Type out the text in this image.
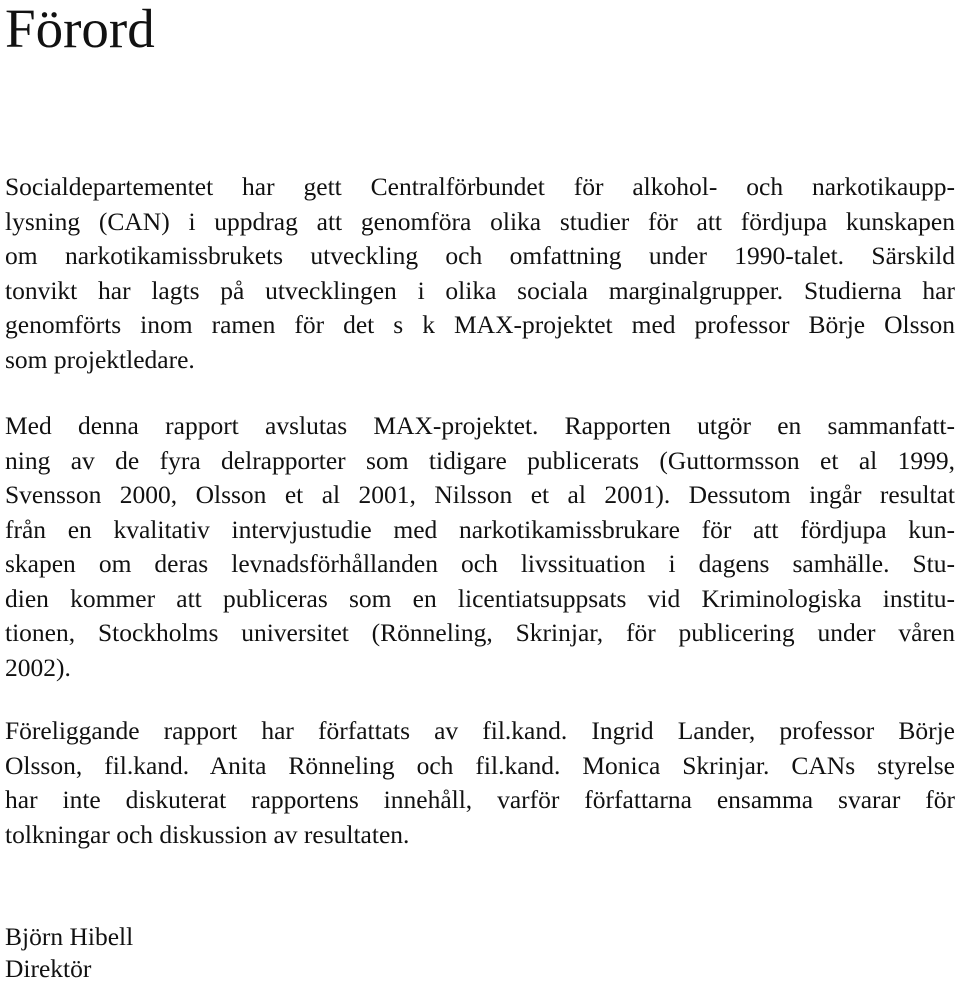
Förord

Socialdepartementet har gett Centralförbundet för alkohol- och narkotikaupp-
lysning (CAN) i uppdrag att genomföra olika studier för att fördjupa kunskapen
om narkotikamissbrukets utveckling och omfattning under 1990-talet. Särskild
tonvikt har lagts på utvecklingen i olika sociala marginalgrupper. Studierna har
genomförts inom ramen för det s k MAX-projektet med professor Börje Olsson
som projektledare.

Med denna rapport avslutas MAX-projektet. Rapporten utgör en sammanfatt-
ning av de fyra delrapporter som tidigare publicerats (Guttormsson et al 1999,
Svensson 2000, Olsson et al 2001, Nilsson et al 2001). Dessutom ingår resultat
från en kvalitativ intervjustudie med narkotikamissbrukare för att fördjupa kun-
skapen om deras levnadsförhållanden och livssituation i dagens samhälle. Stu-
dien kommer att publiceras som en licentiatsuppsats vid Kriminologiska institu-
tionen, Stockholms universitet (Rönneling, Skrinjar, för publicering under våren
2002).

Föreliggande rapport har författats av fil.kand. Ingrid Lander, professor Börje
Olsson, fil.kand. Anita Rönneling och fil.kand. Monica Skrinjar. CANs styrelse
har inte diskuterat rapportens innehåll, varför författarna ensamma svarar för
tolkningar och diskussion av resultaten.

Björn Hibell

Direktör
